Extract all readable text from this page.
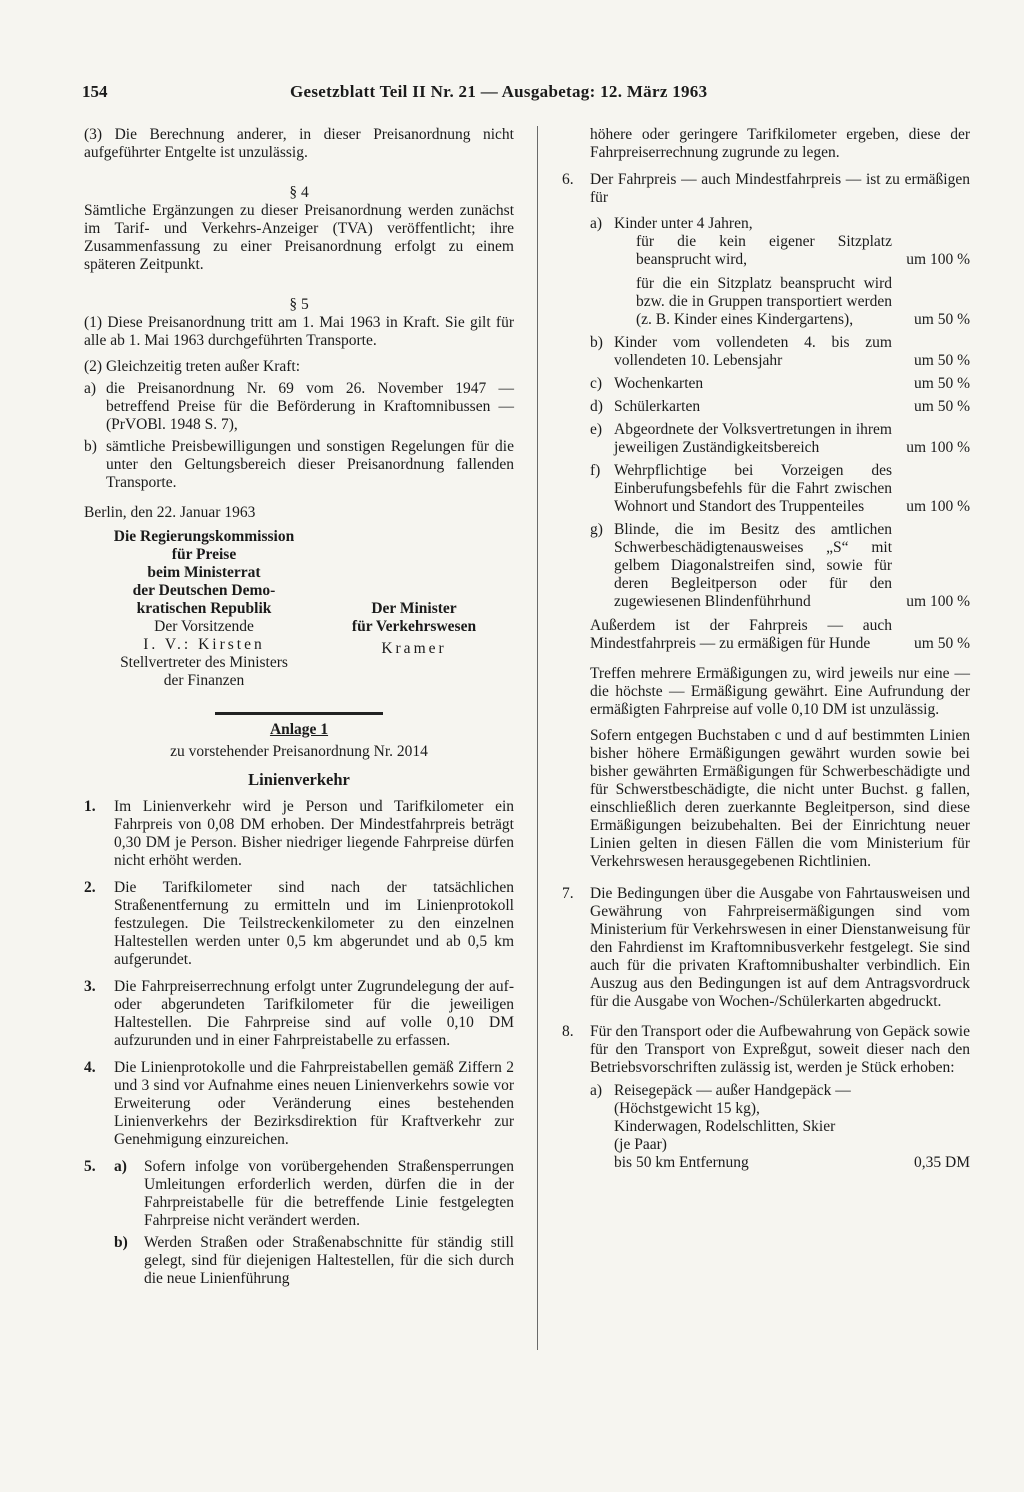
154	Gesetzblatt Teil II Nr. 21 — Ausgabetag: 12. März 1963

(3) Die Berechnung anderer, in dieser Preisanordnung nicht aufgeführter Entgelte ist unzulässig.

§ 4

Sämtliche Ergänzungen zu dieser Preisanordnung werden zunächst im Tarif- und Verkehrs-Anzeiger (TVA) veröffentlicht; ihre Zusammenfassung zu einer Preisanordnung erfolgt zu einem späteren Zeitpunkt.

§ 5

(1) Diese Preisanordnung tritt am 1. Mai 1963 in Kraft. Sie gilt für alle ab 1. Mai 1963 durchgeführten Transporte.

(2) Gleichzeitig treten außer Kraft:

a) die Preisanordnung Nr. 69 vom 26. November 1947 — betreffend Preise für die Beförderung in Kraftomnibussen — (PrVOBl. 1948 S. 7),
b) sämtliche Preisbewilligungen und sonstigen Regelungen für die unter den Geltungsbereich dieser Preisanordnung fallenden Transporte.

Berlin, den 22. Januar 1963

Die Regierungskommission
für Preise
beim Ministerrat
der Deutschen Demo-
kratischen Republik
Der Vorsitzende
I. V.: Kirsten
Stellvertreter des Ministers
der Finanzen
Der Minister
für Verkehrswesen
Kramer

Anlage 1

zu vorstehender Preisanordnung Nr. 2014

Linienverkehr

1.	Im Linienverkehr wird je Person und Tarifkilometer ein Fahrpreis von 0,08 DM erhoben. Der Mindestfahrpreis beträgt 0,30 DM je Person. Bisher niedriger liegende Fahrpreise dürfen nicht erhöht werden.
2.	Die Tarifkilometer sind nach der tatsächlichen Straßenentfernung zu ermitteln und im Linienprotokoll festzulegen. Die Teilstreckenkilometer zu den einzelnen Haltestellen werden unter 0,5 km abgerundet und ab 0,5 km aufgerundet.
3.	Die Fahrpreiserrechnung erfolgt unter Zugrundelegung der auf- oder abgerundeten Tarifkilometer für die jeweiligen Haltestellen. Die Fahrpreise sind auf volle 0,10 DM aufzurunden und in einer Fahrpreistabelle zu erfassen.
4.	Die Linienprotokolle und die Fahrpreistabellen gemäß Ziffern 2 und 3 sind vor Aufnahme eines neuen Linienverkehrs sowie vor Erweiterung oder Veränderung eines bestehenden Linienverkehrs der Bezirksdirektion für Kraftverkehr zur Genehmigung einzureichen.
5.	a)	Sofern infolge von vorübergehenden Straßensperrungen Umleitungen erforderlich werden, dürfen die in der Fahrpreistabelle für die betreffende Linie festgelegten Fahrpreise nicht verändert werden.
b)	Werden Straßen oder Straßenabschnitte für ständig still gelegt, sind für diejenigen Haltestellen, für die sich durch die neue Linienführung

höhere oder geringere Tarifkilometer ergeben, diese der Fahrpreiserrechnung zugrunde zu legen.

6.	Der Fahrpreis — auch Mindestfahrpreis — ist zu ermäßigen für

a) Kinder unter 4 Jahren,
für die kein eigener Sitzplatz beansprucht wird,	um 100 %
für die ein Sitzplatz beansprucht wird bzw. die in Gruppen transportiert werden (z. B. Kinder eines Kindergartens),	um 50 %
b) Kinder vom vollendeten 4. bis zum vollendeten 10. Lebensjahr	um 50 %
c) Wochenkarten	um 50 %
d) Schülerkarten	um 50 %
e) Abgeordnete der Volksvertretungen in ihrem jeweiligen Zuständigkeitsbereich	um 100 %
f) Wehrpflichtige bei Vorzeigen des Einberufungsbefehls für die Fahrt zwischen Wohnort und Standort des Truppenteiles	um 100 %
g) Blinde, die im Besitz des amtlichen Schwerbeschädigtenausweises „S“ mit gelbem Diagonalstreifen sind, sowie für deren Begleitperson oder für den zugewiesenen Blindenführhund	um 100 %
Außerdem ist der Fahrpreis — auch Mindestfahrpreis — zu ermäßigen für Hunde	um 50 %

Treffen mehrere Ermäßigungen zu, wird jeweils nur eine — die höchste — Ermäßigung gewährt. Eine Aufrundung der ermäßigten Fahrpreise auf volle 0,10 DM ist unzulässig.

Sofern entgegen Buchstaben c und d auf bestimmten Linien bisher höhere Ermäßigungen gewährt wurden sowie bei bisher gewährten Ermäßigungen für Schwerbeschädigte und für Schwerstbeschädigte, die nicht unter Buchst. g fallen, einschließlich deren zuerkannte Begleitperson, sind diese Ermäßigungen beizubehalten. Bei der Einrichtung neuer Linien gelten in diesen Fällen die vom Ministerium für Verkehrswesen herausgegebenen Richtlinien.

7.	Die Bedingungen über die Ausgabe von Fahrtausweisen und Gewährung von Fahrpreisermäßigungen sind vom Ministerium für Verkehrswesen in einer Dienstanweisung für den Fahrdienst im Kraftomnibusverkehr festgelegt. Sie sind auch für die privaten Kraftomnibushalter verbindlich. Ein Auszug aus den Bedingungen ist auf dem Antragsvordruck für die Ausgabe von Wochen-/Schülerkarten abgedruckt.
8.	Für den Transport oder die Aufbewahrung von Gepäck sowie für den Transport von Expreßgut, soweit dieser nach den Betriebsvorschriften zulässig ist, werden je Stück erhoben:

a) Reisegepäck — außer Handgepäck —
(Höchstgewicht 15 kg),
Kinderwagen, Rodelschlitten, Skier
(je Paar)
bis 50 km Entfernung	0,35 DM
